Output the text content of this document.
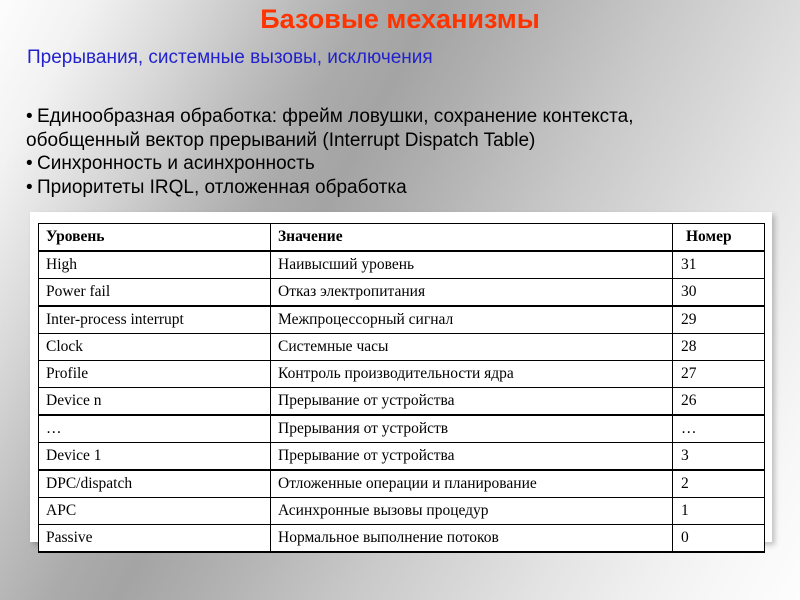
Базовые механизмы
Прерывания, системные вызовы, исключения
• Единообразная обработка: фрейм ловушки, сохранение контекста,
обобщенный вектор прерываний (Interrupt Dispatch Table)
• Синхронность и асинхронность
• Приоритеты IRQL, отложенная обработка
Уровень	Значение	Номер
High	Наивысший уровень	31
Power fail	Отказ электропитания	30
Inter-process interrupt	Межпроцессорный сигнал	29
Clock	Системные часы	28
Profile	Контроль производительности ядра	27
Device n	Прерывание от устройства	26
…	Прерывания от устройств	…
Device 1	Прерывание от устройства	3
DPC/dispatch	Отложенные операции и планирование	2
APC	Асинхронные вызовы процедур	1
Passive	Нормальное выполнение потоков	0
